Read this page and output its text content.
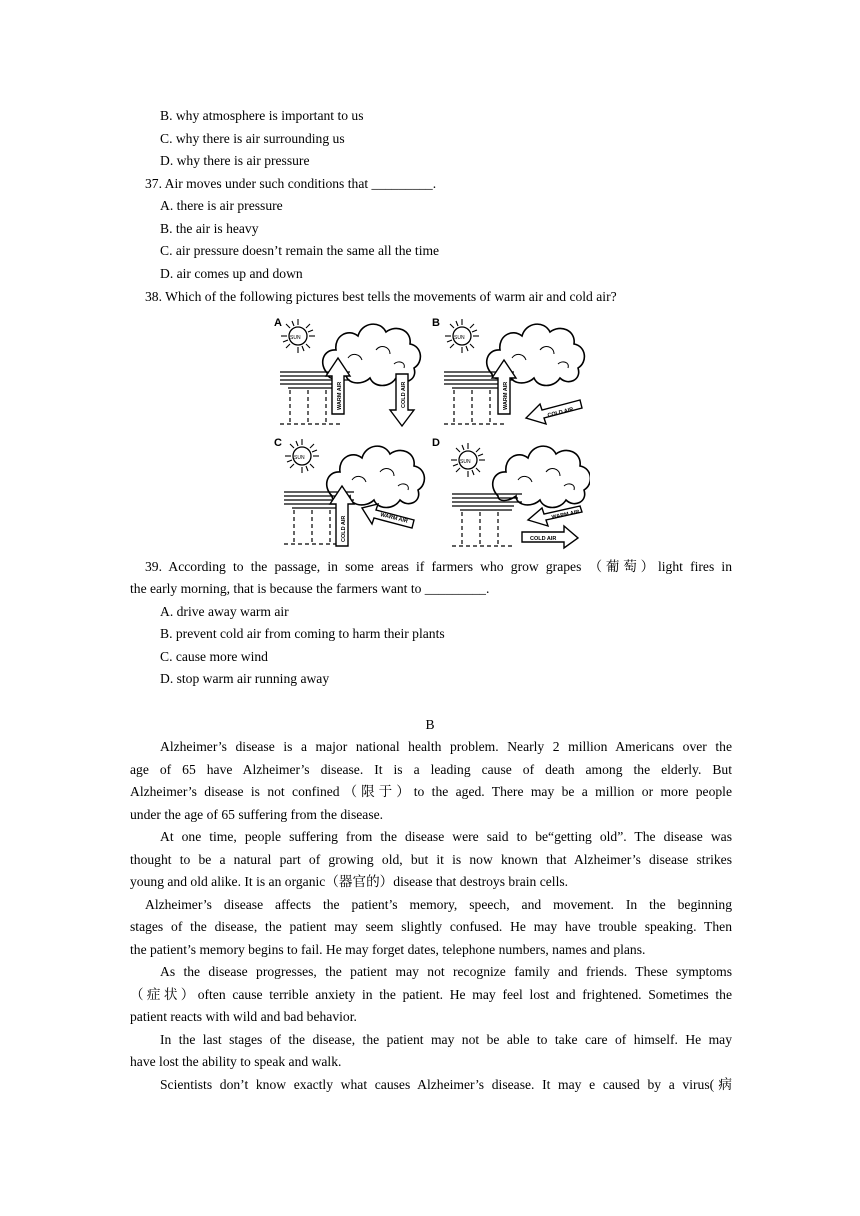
B. why atmosphere is important to us
C. why there is air surrounding us
D. why there is air pressure
37. Air moves under such conditions that _________.
A. there is air pressure
B. the air is heavy
C. air pressure doesn’t remain the same all the time
D. air comes up and down
38. Which of the following pictures best tells the movements of warm air and cold air?
A
SUN
WARM AIR	COLD AIR
B
SUN
WARM AIR
COLD AIR
C
SUN
COLD AIR	WARM AIR
D
SUN
WARM AIR
COLD AIR
39. According to the passage, in some areas if farmers who grow grapes （葡萄）light fires in
the early morning, that is because the farmers want to _________.
A. drive away warm air
B. prevent cold air from coming to harm their plants
C. cause more wind
D. stop warm air running away
B
Alzheimer’s disease is a major national health problem. Nearly 2 million Americans over the
age of 65 have Alzheimer’s disease. It is a leading cause of death among the elderly. But
Alzheimer’s disease is not confined（限于）to the aged. There may be a million or more people
under the age of 65 suffering from the disease.
At one time, people suffering from the disease were said to be“getting old”. The disease was
thought to be a natural part of growing old, but it is now known that Alzheimer’s disease strikes
young and old alike. It is an organic（器官的）disease that destroys brain cells.
Alzheimer’s disease affects the patient’s memory, speech, and movement. In the beginning
stages of the disease, the patient may seem slightly confused. He may have trouble speaking. Then
the patient’s memory begins to fail. He may forget dates, telephone numbers, names and plans.
As the disease progresses, the patient may not recognize family and friends. These symptoms
（症状）often cause terrible anxiety in the patient. He may feel lost and frightened. Sometimes the
patient reacts with wild and bad behavior.
In the last stages of the disease, the patient may not be able to take care of himself. He may
have lost the ability to speak and walk.
Scientists don’t know exactly what causes Alzheimer’s disease. It may e caused by a virus(病
